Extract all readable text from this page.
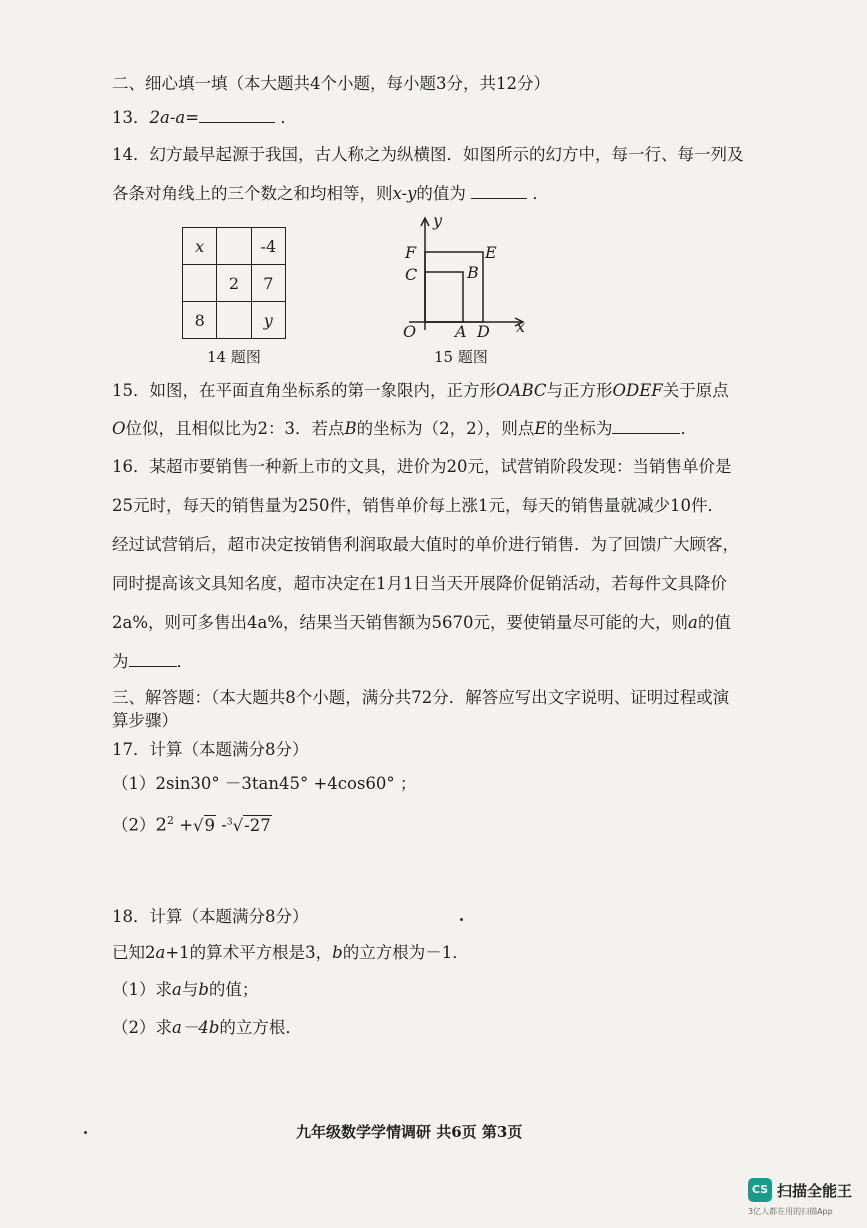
二、细心填一填（本大题共4个小题，每小题3分，共12分）
13．2a-a=	．
14．幻方最早起源于我国，古人称之为纵横图．如图所示的幻方中，每一行、每一列及
各条对角线上的三个数之和均相等，则x-y的值为	．
x		-4
	2	7
8		y
14 题图
y
x
F	E
C	B
O A D
15 题图
15．如图，在平面直角坐标系的第一象限内，正方形OABC与正方形ODEF关于原点
O位似，且相似比为2：3．若点B的坐标为（2，2），则点E的坐标为	．
16．某超市要销售一种新上市的文具，进价为20元，试营销阶段发现：当销售单价是
25元时，每天的销售量为250件，销售单价每上涨1元，每天的销售量就减少10件．
经过试营销后，超市决定按销售利润取最大值时的单价进行销售．为了回馈广大顾客，
同时提高该文具知名度，超市决定在1月1日当天开展降价促销活动，若每件文具降价
2a%，则可多售出4a%，结果当天销售额为5670元，要使销量尽可能的大，则a的值
为	．
三、解答题：（本大题共8个小题，满分共72分．解答应写出文字说明、证明过程或演
算步骤）
17．计算（本题满分8分）
（1）2sin30° －3tan45° +4cos60° ；
$(2)2^2 +√9$ -$^3$√-27
18．计算（本题满分8分）
已知2a+1的算术平方根是3，b的立方根为－1．
（1）求a与b的值；
（2）求a－4b的立方根．
九年级数学学情调研 共6页 第3页
CS 扫描全能王
3亿人都在用的扫描App
